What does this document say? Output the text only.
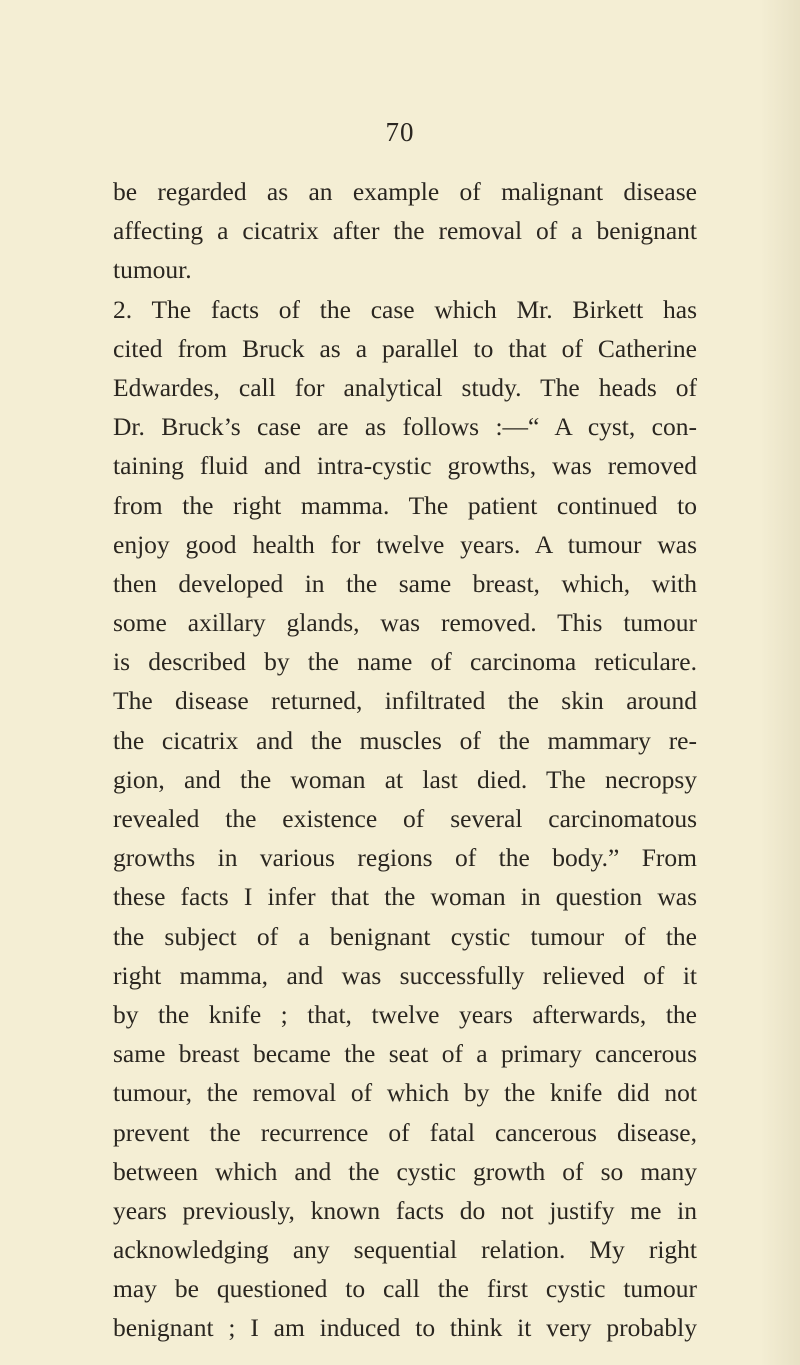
70
be regarded as an example of malignant disease
affecting a cicatrix after the removal of a benignant
tumour.
2. The facts of the case which Mr. Birkett has
cited from Bruck as a parallel to that of Catherine
Edwardes, call for analytical study. The heads of
Dr. Bruck’s case are as follows :—“ A cyst, con-
taining fluid and intra-cystic growths, was removed
from the right mamma. The patient continued to
enjoy good health for twelve years. A tumour was
then developed in the same breast, which, with
some axillary glands, was removed. This tumour
is described by the name of carcinoma reticulare.
The disease returned, infiltrated the skin around
the cicatrix and the muscles of the mammary re-
gion, and the woman at last died. The necropsy
revealed the existence of several carcinomatous
growths in various regions of the body.” From
these facts I infer that the woman in question was
the subject of a benignant cystic tumour of the
right mamma, and was successfully relieved of it
by the knife ; that, twelve years afterwards, the
same breast became the seat of a primary cancerous
tumour, the removal of which by the knife did not
prevent the recurrence of fatal cancerous disease,
between which and the cystic growth of so many
years previously, known facts do not justify me in
acknowledging any sequential relation. My right
may be questioned to call the first cystic tumour
benignant ; I am induced to think it very probably
